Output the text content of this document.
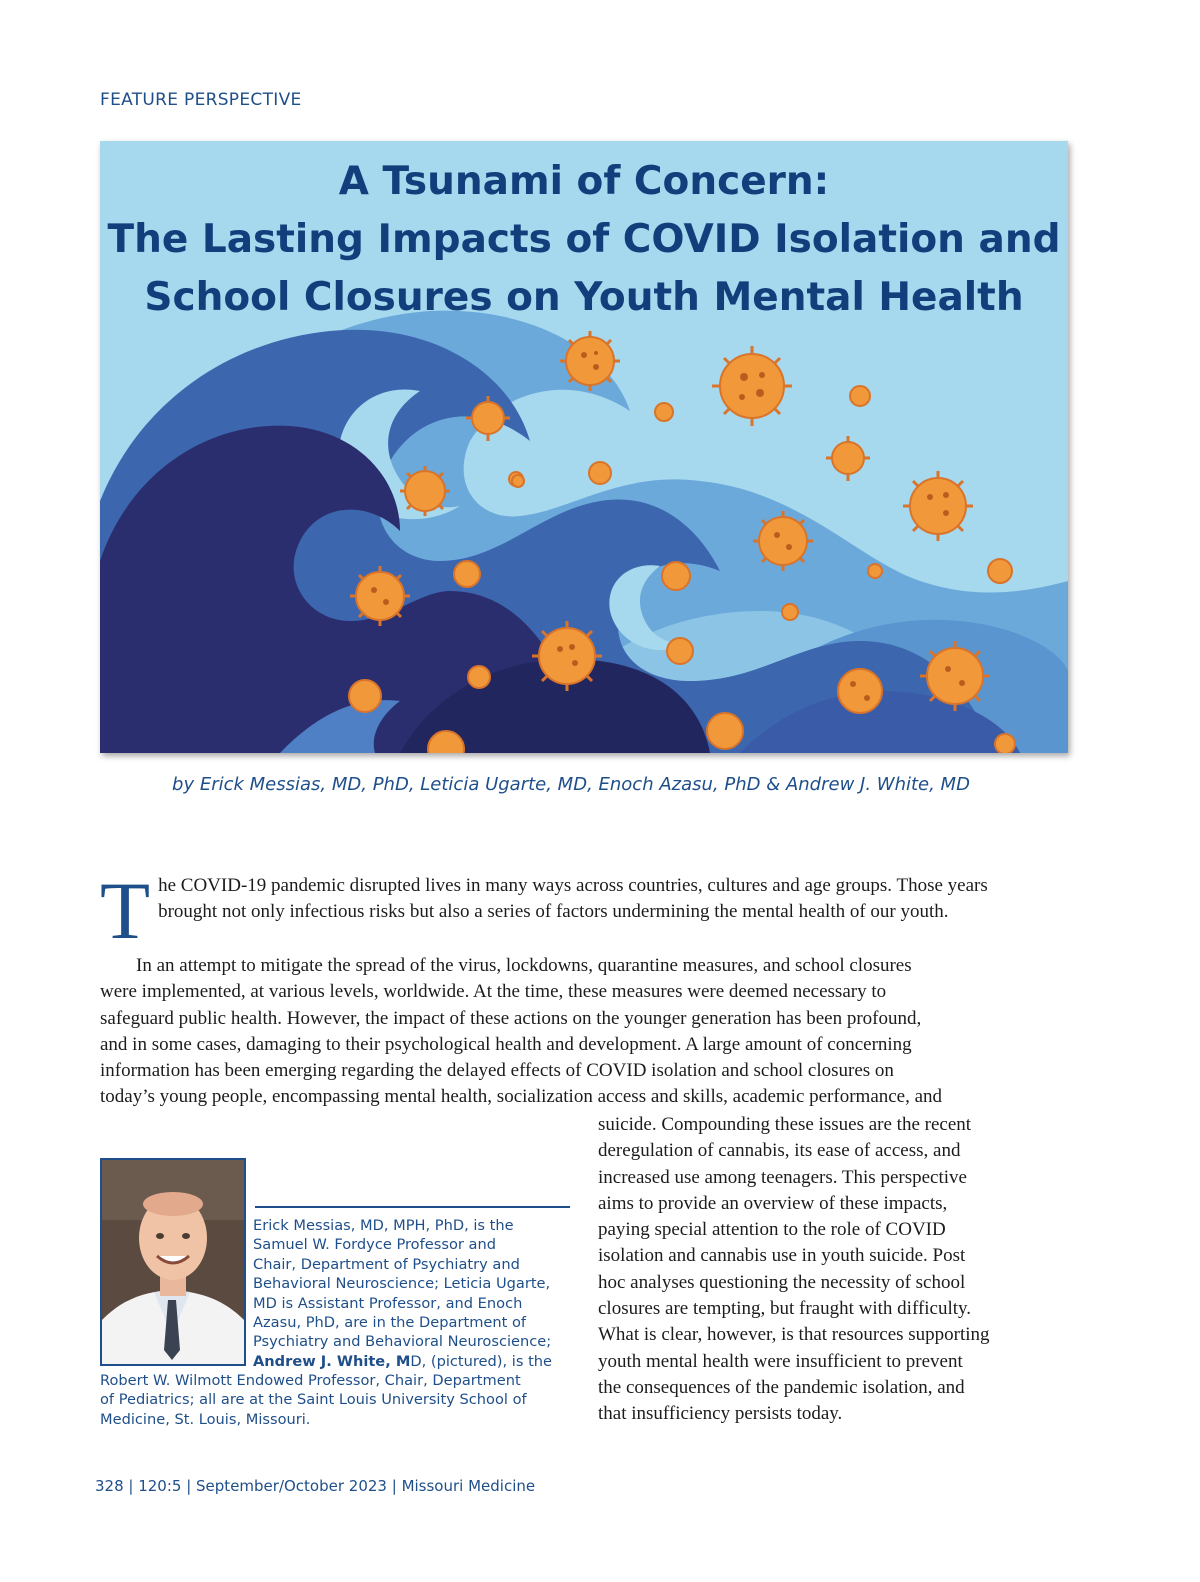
FEATURE PERSPECTIVE
A Tsunami of Concern:
The Lasting Impacts of COVID Isolation and
School Closures on Youth Mental Health
by Erick Messias, MD, PhD, Leticia Ugarte, MD, Enoch Azasu, PhD & Andrew J. White, MD
The COVID-19 pandemic disrupted lives in many ways across countries, cultures and age groups. Those years brought not only infectious risks but also a series of factors undermining the mental health of our youth.
In an attempt to mitigate the spread of the virus, lockdowns, quarantine measures, and school closures
were implemented, at various levels, worldwide. At the time, these measures were deemed necessary to
safeguard public health. However, the impact of these actions on the younger generation has been profound,
and in some cases, damaging to their psychological health and development. A large amount of concerning
information has been emerging regarding the delayed effects of COVID isolation and school closures on
today’s young people, encompassing mental health, socialization access and skills, academic performance, and
suicide. Compounding these issues are the recent
deregulation of cannabis, its ease of access, and
increased use among teenagers. This perspective
aims to provide an overview of these impacts,
paying special attention to the role of COVID
isolation and cannabis use in youth suicide. Post
hoc analyses questioning the necessity of school
closures are tempting, but fraught with difficulty.
What is clear, however, is that resources supporting
youth mental health were insufficient to prevent
the consequences of the pandemic isolation, and
that insufficiency persists today.
Erick Messias, MD, MPH, PhD, is the
Samuel W. Fordyce Professor and
Chair, Department of Psychiatry and
Behavioral Neuroscience; Leticia Ugarte,
MD is Assistant Professor, and Enoch
Azasu, PhD, are in the Department of
Psychiatry and Behavioral Neuroscience;
Andrew J. White, MD, (pictured), is the
Robert W. Wilmott Endowed Professor, Chair, Department
of Pediatrics; all are at the Saint Louis University School of
Medicine, St. Louis, Missouri.
328 | 120:5 | September/October 2023 | Missouri Medicine
